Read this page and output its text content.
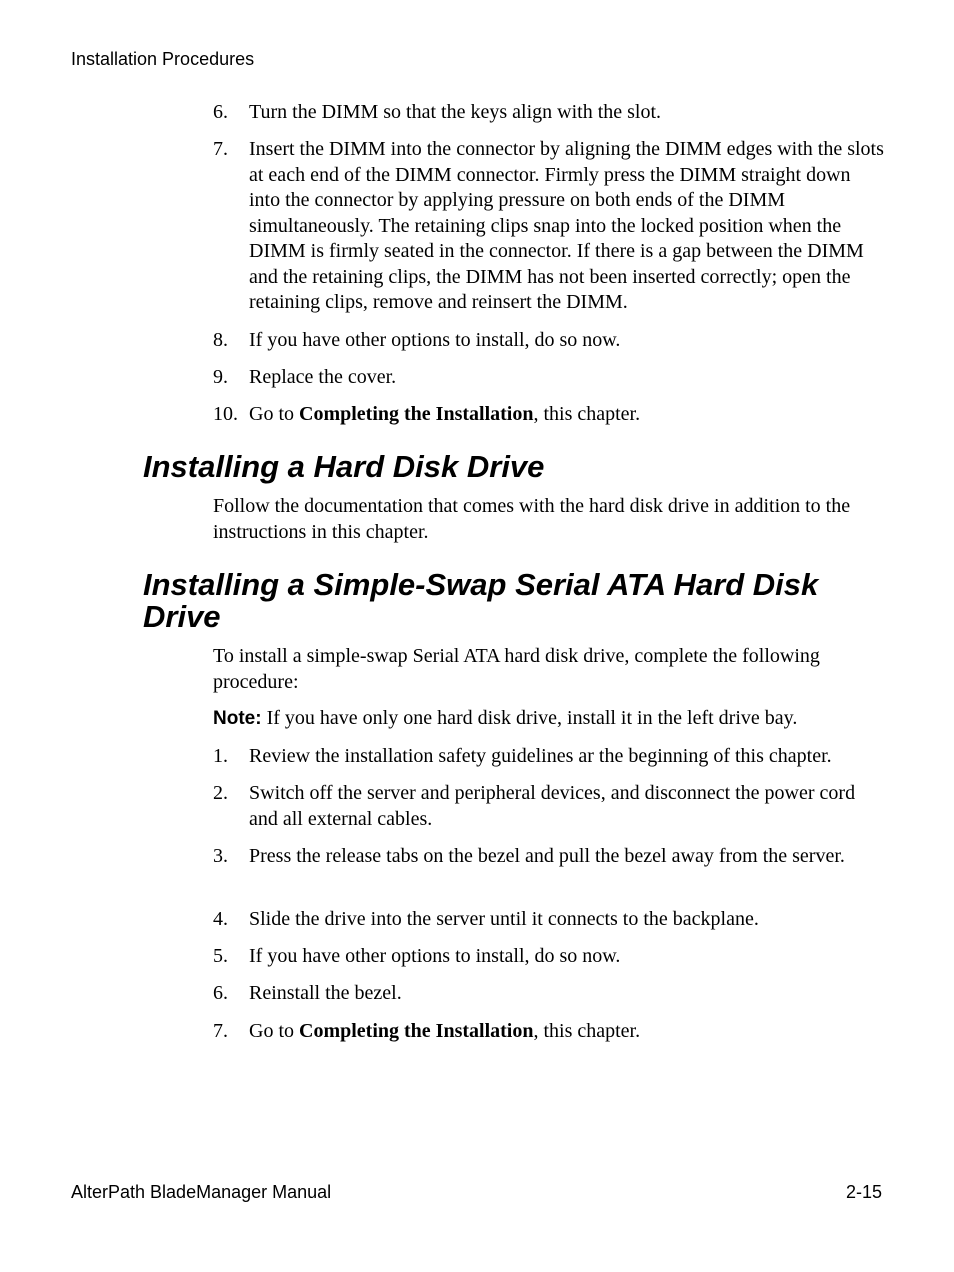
Installation Procedures
6. Turn the DIMM so that the keys align with the slot.
7. Insert the DIMM into the connector by aligning the DIMM edges with the slots at each end of the DIMM connector. Firmly press the DIMM straight down into the connector by applying pressure on both ends of the DIMM simultaneously. The retaining clips snap into the locked position when the DIMM is firmly seated in the connector. If there is a gap between the DIMM and the retaining clips, the DIMM has not been inserted correctly; open the retaining clips, remove and reinsert the DIMM.
8. If you have other options to install, do so now.
9. Replace the cover.
10. Go to Completing the Installation, this chapter.
Installing a Hard Disk Drive
Follow the documentation that comes with the hard disk drive in addition to the instructions in this chapter.
Installing a Simple-Swap Serial ATA Hard Disk Drive
To install a simple-swap Serial ATA hard disk drive, complete the following procedure:
Note: If you have only one hard disk drive, install it in the left drive bay.
1. Review the installation safety guidelines ar the beginning of this chapter.
2. Switch off the server and peripheral devices, and disconnect the power cord and all external cables.
3. Press the release tabs on the bezel and pull the bezel away from the server.
4. Slide the drive into the server until it connects to the backplane.
5. If you have other options to install, do so now.
6. Reinstall the bezel.
7. Go to Completing the Installation, this chapter.
AlterPath BladeManager Manual	2-15
